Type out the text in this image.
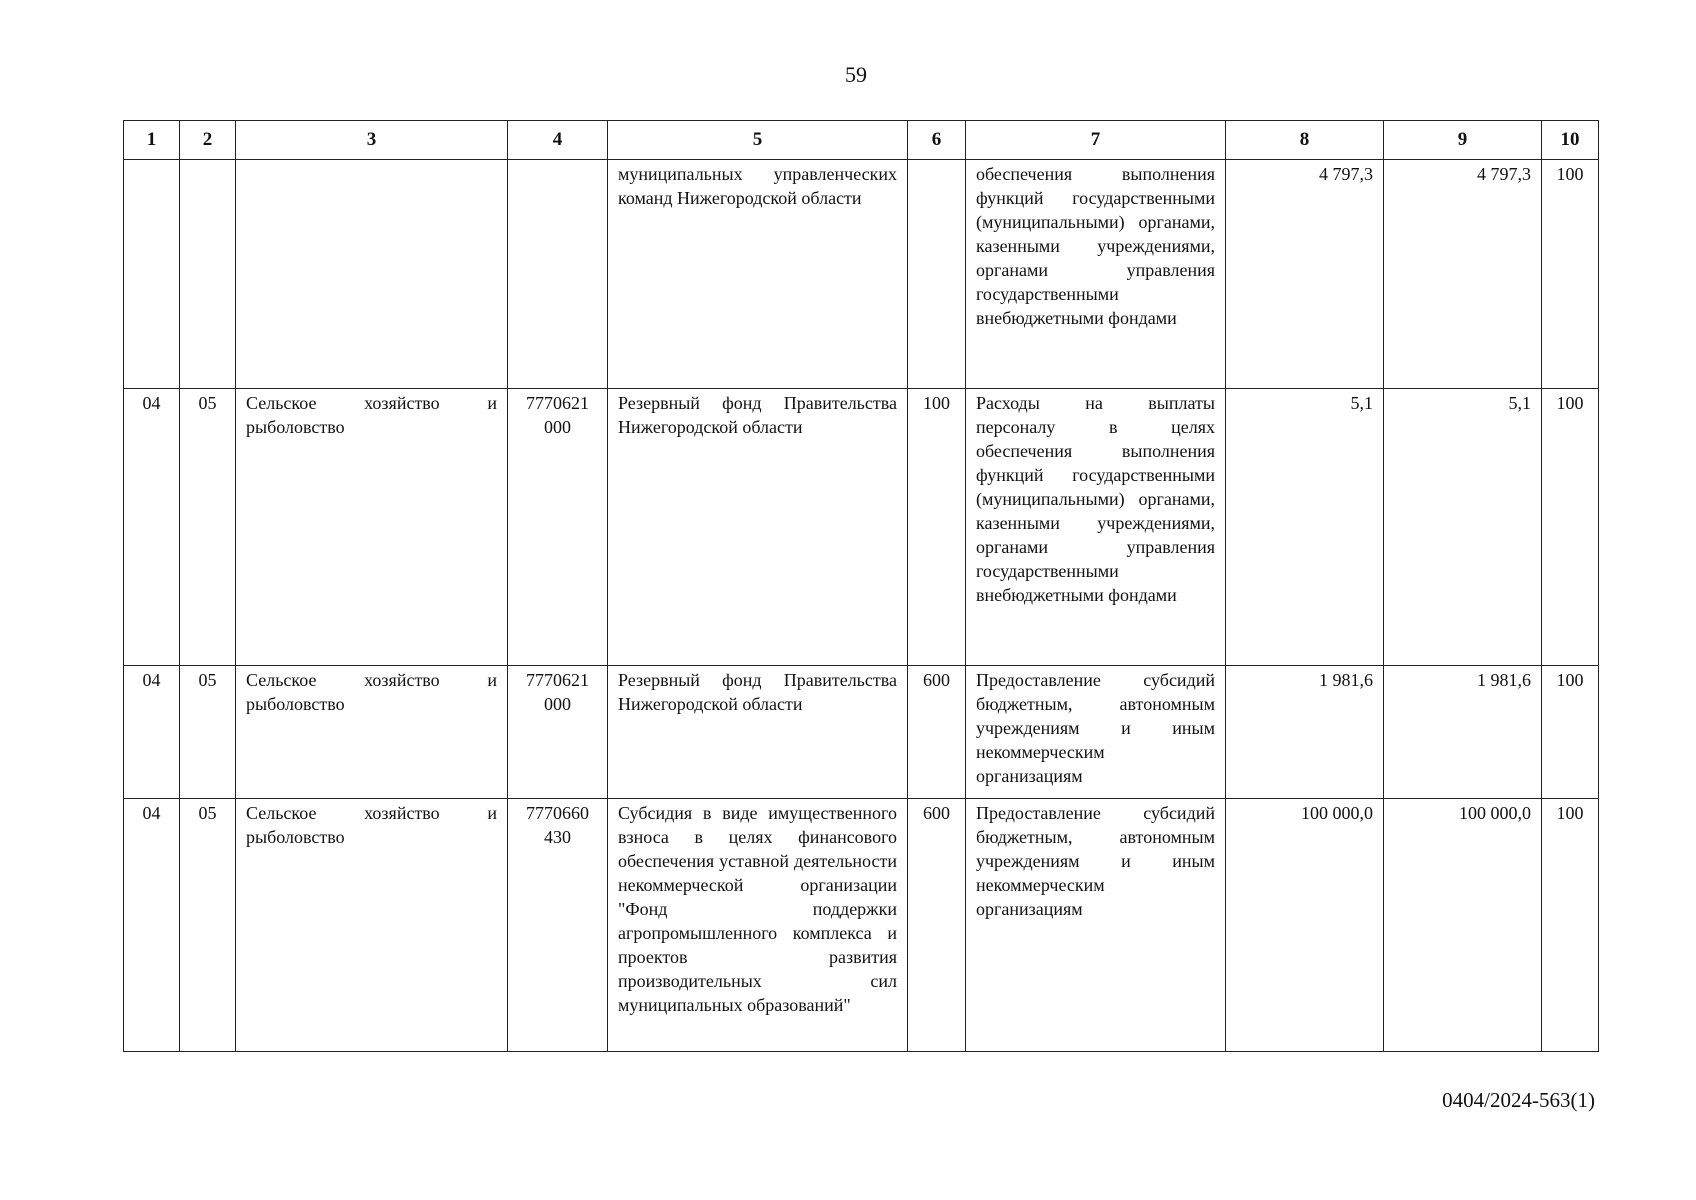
59
1	2	3	4	5	6	7	8	9	10
				муниципальных управленческих команд Нижегородской области		обеспечения выполнения функций государственными (муниципальными) органами, казенными учреждениями, органами управления государственными внебюджетными фондами	4 797,3	4 797,3	100
04	05	Сельское хозяйство и рыболовство	7770621 000	Резервный фонд Правительства Нижегородской области	100	Расходы на выплаты персоналу в целях обеспечения выполнения функций государственными (муниципальными) органами, казенными учреждениями, органами управления государственными внебюджетными фондами	5,1	5,1	100
04	05	Сельское хозяйство и рыболовство	7770621 000	Резервный фонд Правительства Нижегородской области	600	Предоставление субсидий бюджетным, автономным учреждениям и иным некоммерческим организациям	1 981,6	1 981,6	100
04	05	Сельское хозяйство и рыболовство	7770660 430	Субсидия в виде имущественного взноса в целях финансового обеспечения уставной деятельности некоммерческой организации "Фонд поддержки агропромышленного комплекса и проектов развития производительных сил муниципальных образований"	600	Предоставление субсидий бюджетным, автономным учреждениям и иным некоммерческим организациям	100 000,0	100 000,0	100
0404/2024-563(1)
